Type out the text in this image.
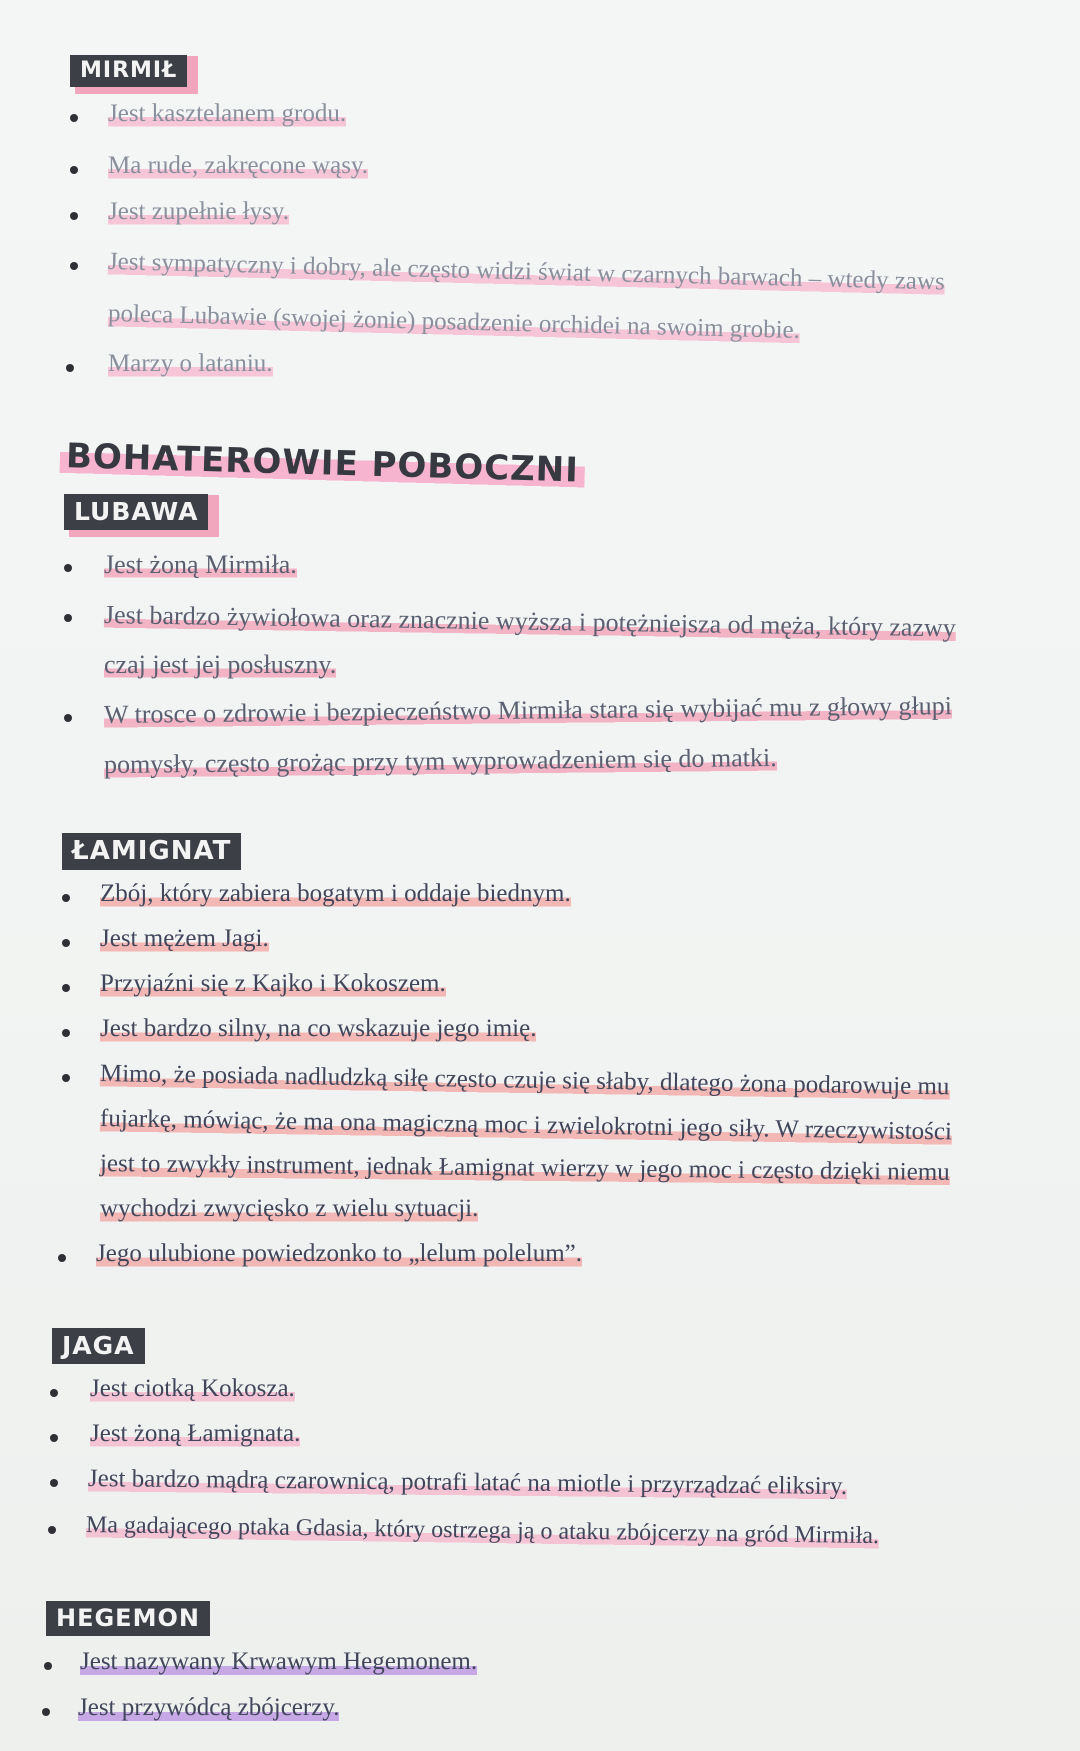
MIRMIŁ
Jest kasztelanem grodu.
Ma rude, zakręcone wąsy.
Jest zupełnie łysy.
Jest sympatyczny i dobry, ale często widzi świat w czarnych barwach – wtedy zaws
poleca Lubawie (swojej żonie) posadzenie orchidei na swoim grobie.
Marzy o lataniu.
BOHATEROWIE POBOCZNI
LUBAWA
Jest żoną Mirmiła.
Jest bardzo żywiołowa oraz znacznie wyższa i potężniejsza od męża, który zazwy
czaj jest jej posłuszny.
W trosce o zdrowie i bezpieczeństwo Mirmiła stara się wybijać mu z głowy głupi
pomysły, często grożąc przy tym wyprowadzeniem się do matki.
ŁAMIGNAT
Zbój, który zabiera bogatym i oddaje biednym.
Jest mężem Jagi.
Przyjaźni się z Kajko i Kokoszem.
Jest bardzo silny, na co wskazuje jego imię.
Mimo, że posiada nadludzką siłę często czuje się słaby, dlatego żona podarowuje mu
fujarkę, mówiąc, że ma ona magiczną moc i zwielokrotni jego siły. W rzeczywistości
jest to zwykły instrument, jednak Łamignat wierzy w jego moc i często dzięki niemu
wychodzi zwycięsko z wielu sytuacji.
Jego ulubione powiedzonko to „lelum polelum”.
JAGA
Jest ciotką Kokosza.
Jest żoną Łamignata.
Jest bardzo mądrą czarownicą, potrafi latać na miotle i przyrządzać eliksiry.
Ma gadającego ptaka Gdasia, który ostrzega ją o ataku zbójcerzy na gród Mirmiła.
HEGEMON
Jest nazywany Krwawym Hegemonem.
Jest przywódcą zbójcerzy.
